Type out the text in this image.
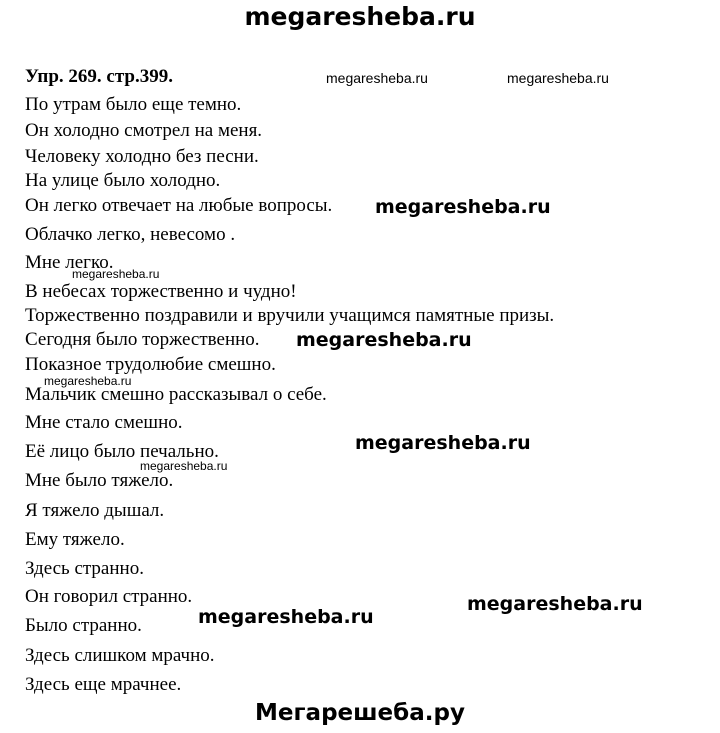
megaresheba.ru
Упр. 269. стр.399.
По утрам было еще темно.
Он холодно смотрел на меня.
Человеку холодно без песни.
На улице было холодно.
Он легко отвечает на любые вопросы.
Облачко легко, невесомо .
Мне легко.
В небесах торжественно и чудно!
Торжественно поздравили и вручили учащимся памятные призы.
Сегодня было торжественно.
Показное трудолюбие смешно.
Мальчик смешно рассказывал о себе.
Мне стало смешно.
Её лицо было печально.
Мне было тяжело.
Я тяжело дышал.
Ему тяжело.
Здесь странно.
Он говорил странно.
Было странно.
Здесь слишком мрачно.
Здесь еще мрачнее.
megaresheba.ru	megaresheba.ru
megaresheba.ru
megaresheba.ru
megaresheba.ru
megaresheba.ru
megaresheba.ru
megaresheba.ru
megaresheba.ru
megaresheba.ru
Мегарешеба.ру
